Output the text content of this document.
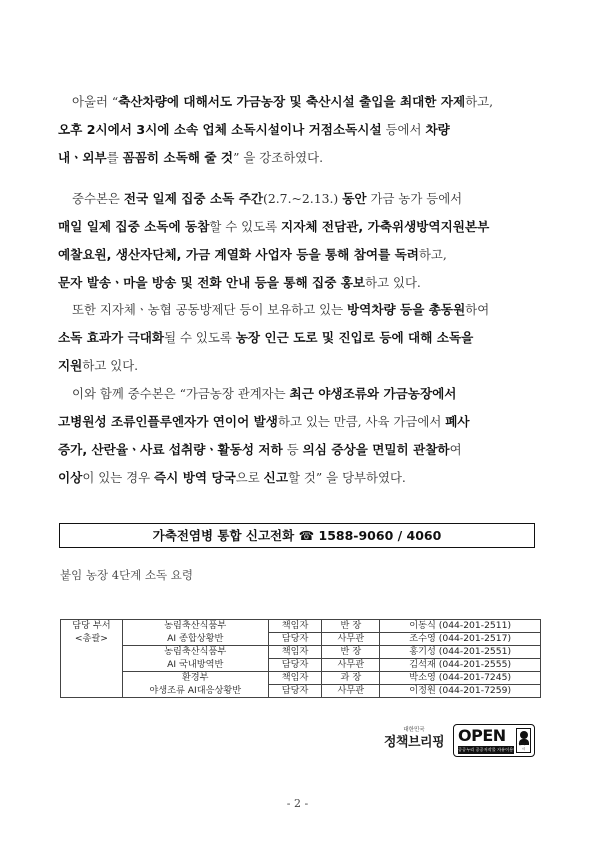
아울러 “축산차량에 대해서도 가금농장 및 축산시설 출입을 최대한 자제하고,
오후 2시에서 3시에 소속 업체 소독시설이나 거점소독시설 등에서 차량
내ㆍ외부를 꼼꼼히 소독해 줄 것” 을 강조하였다.
중수본은 전국 일제 집중 소독 주간(2.7.~2.13.) 동안 가금 농가 등에서
매일 일제 집중 소독에 동참할 수 있도록 지자체 전담관, 가축위생방역지원본부
예찰요원, 생산자단체, 가금 계열화 사업자 등을 통해 참여를 독려하고,
문자 발송ㆍ마을 방송 및 전화 안내 등을 통해 집중 홍보하고 있다.
또한 지자체ㆍ농협 공동방제단 등이 보유하고 있는 방역차량 등을 총동원하여
소독 효과가 극대화될 수 있도록 농장 인근 도로 및 진입로 등에 대해 소독을
지원하고 있다.
이와 함께 중수본은 “가금농장 관계자는 최근 야생조류와 가금농장에서
고병원성 조류인플루엔자가 연이어 발생하고 있는 만큼, 사육 가금에서 폐사
증가, 산란율ㆍ사료 섭취량ㆍ활동성 저하 등 의심 증상을 면밀히 관찰하여
이상이 있는 경우 즉시 방역 당국으로 신고할 것” 을 당부하였다.
가축전염병 통합 신고전화 ☎ 1588-9060 / 4060
붙임 농장 4단계 소독 요령
담당 부서	농림축산식품부	책임자	반 장	이동식 (044-201-2511)
<총괄>	AI 종합상황반	담당자	사무관	조수영 (044-201-2517)
	농림축산식품부	책임자	반 장	홍기성 (044-201-2551)
	AI 국내방역반	담당자	사무관	김석재 (044-201-2555)
	환경부	책임자	과 장	박소영 (044-201-7245)
	야생조류 AI대응상황반	담당자	사무관	이정원 (044-201-7259)
대한민국
정책브리핑 OPEN
공공누리 공공저작물 자유이용허락
출처표시
- 2 -
